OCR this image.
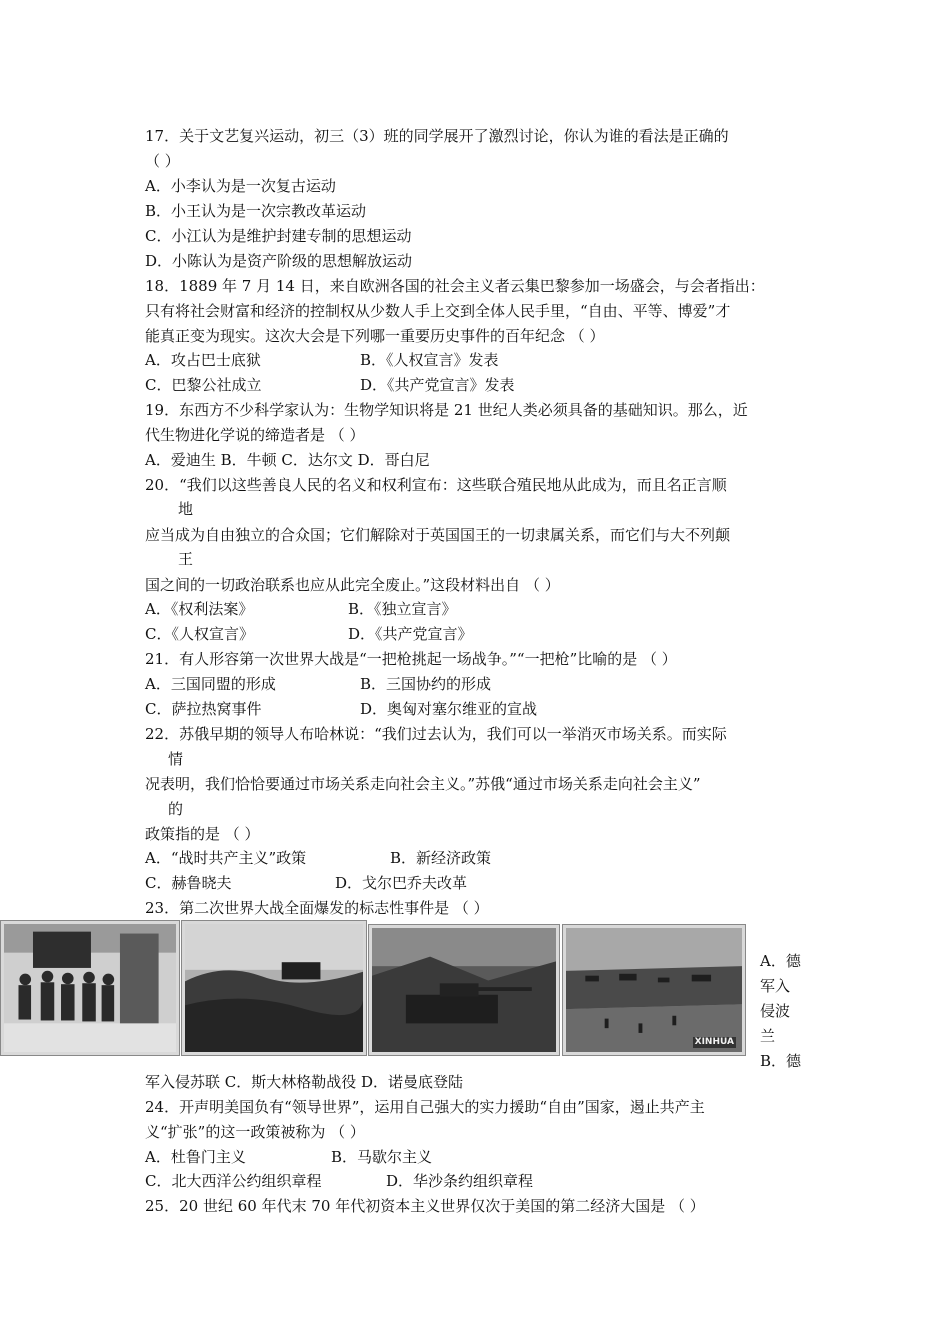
17．关于文艺复兴运动，初三（3）班的同学展开了激烈讨论，你认为谁的看法是正确的
（ ）
A．小李认为是一次复古运动
B．小王认为是一次宗教改革运动
C．小江认为是维护封建专制的思想运动
D．小陈认为是资产阶级的思想解放运动
18．1889 年 7 月 14 日，来自欧洲各国的社会主义者云集巴黎参加一场盛会，与会者指出：
只有将社会财富和经济的控制权从少数人手上交到全体人民手里，“自由、平等、博爱”才
能真正变为现实。这次大会是下列哪一重要历史事件的百年纪念 （ ）
A．攻占巴士底狱	B．《人权宣言》发表
C．巴黎公社成立	D．《共产党宣言》发表
19．东西方不少科学家认为：生物学知识将是 21 世纪人类必须具备的基础知识。那么，近
代生物进化学说的缔造者是 （ ）
A．爱迪生 B．牛顿 C．达尔文 D．哥白尼
20．“我们以这些善良人民的名义和权利宣布：这些联合殖民地从此成为，而且名正言顺
地
应当成为自由独立的合众国；它们解除对于英国国王的一切隶属关系，而它们与大不列颠
王
国之间的一切政治联系也应从此完全废止。”这段材料出自 （ ）
A．《权利法案》	B．《独立宣言》
C．《人权宣言》	D．《共产党宣言》
21．有人形容第一次世界大战是“一把枪挑起一场战争。”“一把枪”比喻的是 （ ）
A．三国同盟的形成	B．三国协约的形成
C．萨拉热窝事件	D．奥匈对塞尔维亚的宣战
22．苏俄早期的领导人布哈林说：“我们过去认为，我们可以一举消灭市场关系。而实际
情
况表明，我们恰恰要通过市场关系走向社会主义。”苏俄“通过市场关系走向社会主义”
的
政策指的是 （ ）
A．“战时共产主义”政策	B．新经济政策
C．赫鲁晓夫	D．戈尔巴乔夫改革
23．第二次世界大战全面爆发的标志性事件是 （ ）
XINHUA
A．德
军入
侵波
兰
B．德
军入侵苏联 C．斯大林格勒战役 D．诺曼底登陆
24．开声明美国负有“领导世界”，运用自己强大的实力援助“自由”国家，遏止共产主
义“扩张”的这一政策被称为 （ ）
A．杜鲁门主义	B．马歇尔主义
C．北大西洋公约组织章程	D．华沙条约组织章程
25．20 世纪 60 年代末 70 年代初资本主义世界仅次于美国的第二经济大国是 （ ）
